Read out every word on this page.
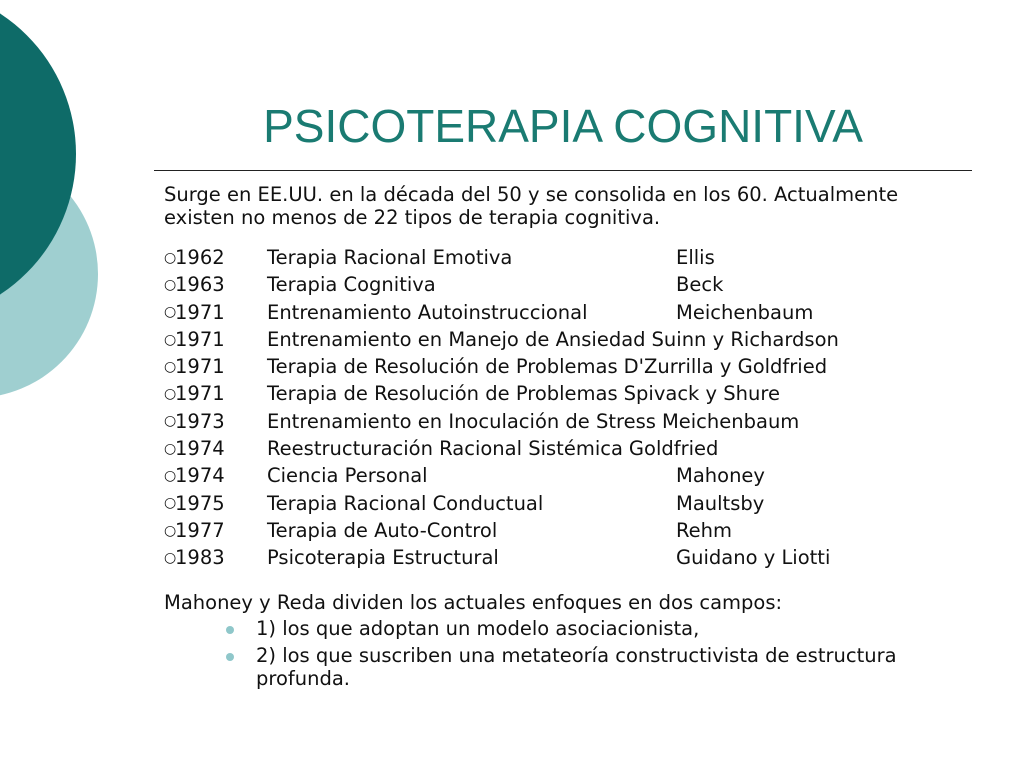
PSICOTERAPIA COGNITIVA

Surge en EE.UU. en la década del 50 y se consolida en los 60. Actualmente existen no menos de 22 tipos de terapia cognitiva.

○
1962	Terapia Racional Emotiva	Ellis
○
1963	Terapia Cognitiva	Beck
○
1971	Entrenamiento Autoinstruccional	Meichenbaum
○
1971	Entrenamiento en Manejo de Ansiedad Suinn y Richardson
○
1971	Terapia de Resolución de Problemas D'Zurrilla y Goldfried
○
1971	Terapia de Resolución de Problemas Spivack y Shure
○
1973	Entrenamiento en Inoculación de Stress Meichenbaum
○
1974	Reestructuración Racional Sistémica Goldfried
○
1974	Ciencia Personal	Mahoney
○
1975	Terapia Racional Conductual	Maultsby
○
1977	Terapia de Auto-Control	Rehm
○
1983	Psicoterapia Estructural	Guidano y Liotti

Mahoney y Reda dividen los actuales enfoques en dos campos:

1) los que adoptan un modelo asociacionista,
2) los que suscriben una metateoría constructivista de estructura profunda.
